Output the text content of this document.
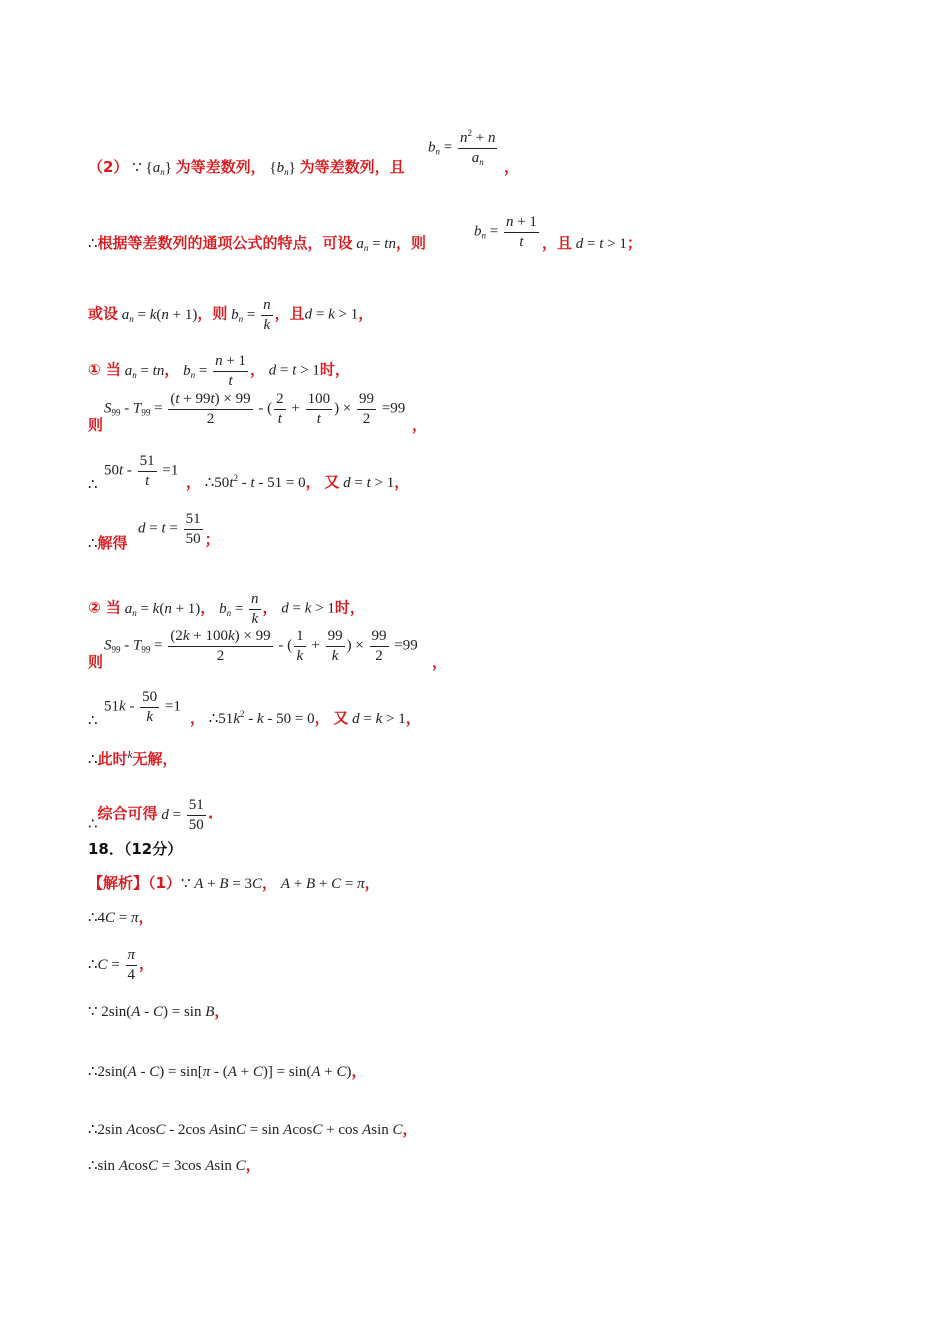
$b_n = \frac{n^2 + n}{a_n}$
（2） ∵ $\{a_n\}$ 为等差数列， $\{b_n\}$ 为等差数列，且	，
∴根据等差数列的通项公式的特点，可设 $a_n$ = tn，则
$b_n = \frac{n + 1}{t}$ ，且 d = t > 1；
或设 $a_n = k(n + 1)$，则 $b_n = \frac{n}{k}$ ，且d = k > 1，
① 当 $a_n$ = tn， $b_n = \frac{n + 1}{t}$ ， d = t > 1时，
$S_{99} - T_{99} = \frac{(t + 99t) \times 99}{2}$ - ( $\frac{2}{t} + \frac{100}{t}$ ) × $\frac{99}{2} =99$
则	，
$50t - \frac{51}{t} =1$
∴	， $\therefore 50t^2 - t - 51 = 0$， 又 d = t > 1，
$d = t = \frac{51}{50}$ ；
∴解得
② 当 $a_n = k(n + 1)$， $b_n = \frac{n}{k}$ ， d = k > 1时，
$S_{99} - T_{99} = \frac{(2k + 100k) \times 99}{2}$ - ( $\frac{1}{k} + \frac{99}{k}$ ) × $\frac{99}{2} =99$
则	，
$51k - \frac{50}{k} =1$
∴	， $\therefore 51k^2 - k - 50 = 0$， 又 d = k > 1，
∴此时$^k$无解，
∴综合可得 $d = \frac{51}{50}$ .
18．（12分）
【解析】（1）∵ A + B = 3C， A + B + C = π，
∴4C = π，
∴C = $\frac{\pi}{4}$ ，
∵ 2sin(A - C) = sin B，
∴2sin(A - C) = sin[π - (A + C)] = sin(A + C)，
∴2sin AcosC - 2cos AsinC = sin AcosC + cos Asin C，
∴sin AcosC = 3cos Asin C，
